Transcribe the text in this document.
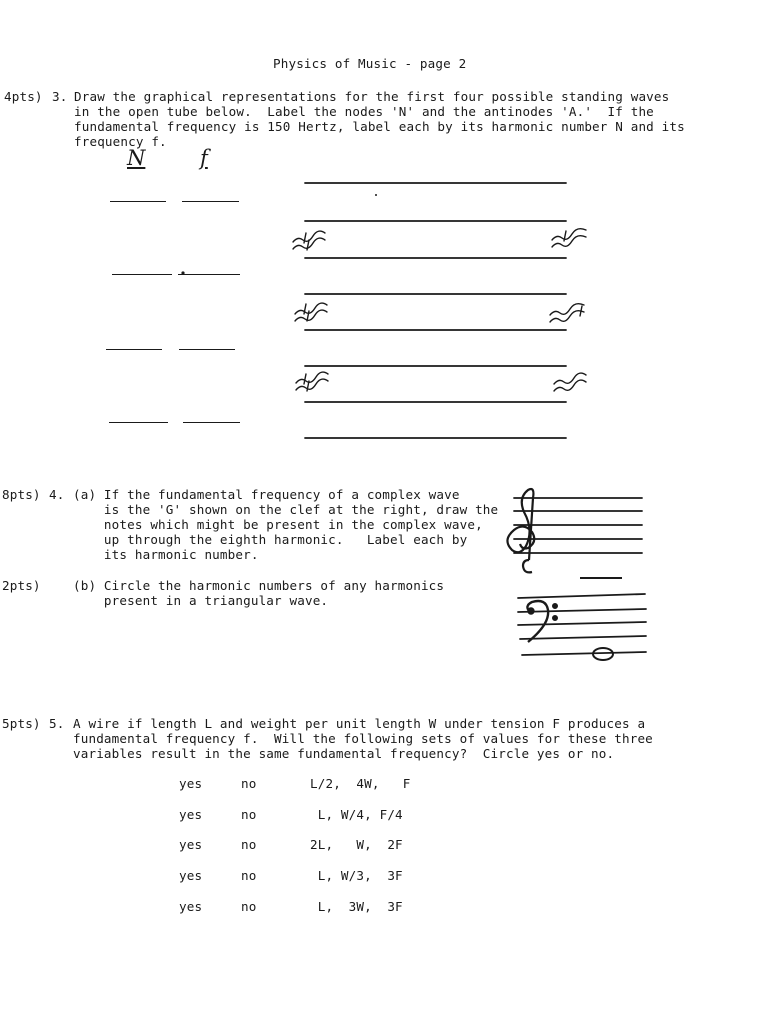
Physics of Music - page 2
4pts) 3. Draw the graphical representations for the first four possible standing waves
in the open tube below.  Label the nodes 'N' and the antinodes 'A.'  If the
fundamental frequency is 150 Hertz, label each by its harmonic number N and its
frequency f.
N	f
8pts) 4. (a) If the fundamental frequency of a complex wave
is the 'G' shown on the clef at the right, draw the
notes which might be present in the complex wave,
up through the eighth harmonic.   Label each by
its harmonic number.
2pts)	(b) Circle the harmonic numbers of any harmonics
present in a triangular wave.
5pts) 5. A wire if length L and weight per unit length W under tension F produces a
fundamental frequency f.  Will the following sets of values for these three
variables result in the same fundamental frequency?  Circle yes or no.
yes	no	L/2,  4W,   F
yes	no	L, W/4, F/4
yes	no	2L,   W,  2F
yes	no	L, W/3,  3F
yes	no	L,  3W,  3F
